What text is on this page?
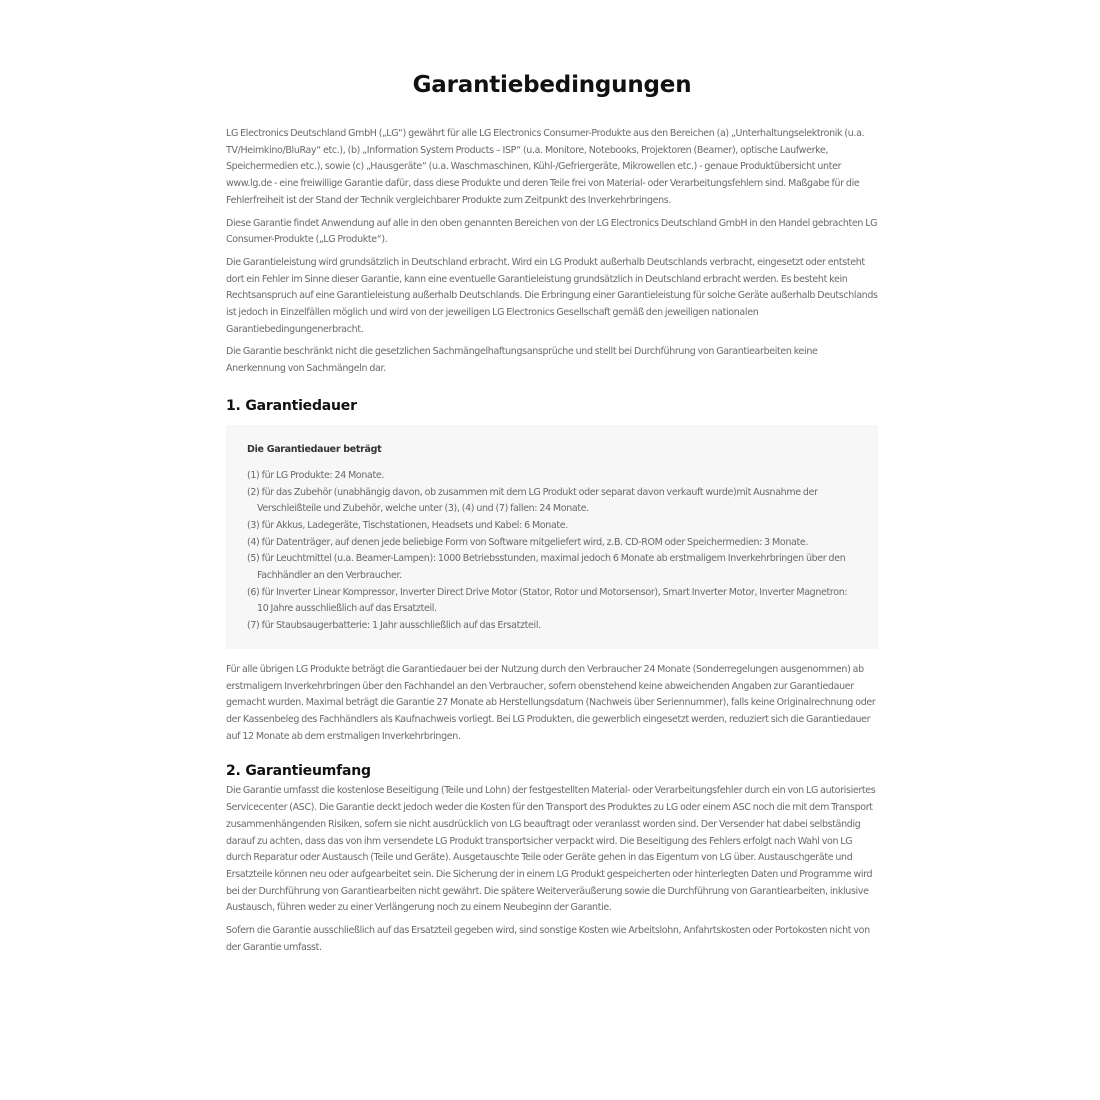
Garantiebedingungen

LG Electronics Deutschland GmbH („LG“) gewährt für alle LG Electronics Consumer-Produkte aus den Bereichen (a) „Unterhaltungselektronik (u.a. TV/Heimkino/BluRay“ etc.), (b) „Information System Products – ISP“ (u.a. Monitore, Notebooks, Projektoren (Beamer), optische Laufwerke, Speichermedien etc.), sowie (c) „Hausgeräte“ (u.a. Waschmaschinen, Kühl-/Gefriergeräte, Mikrowellen etc.) - genaue Produktübersicht unter www.lg.de - eine freiwillige Garantie dafür, dass diese Produkte und deren Teile frei von Material- oder Verarbeitungsfehlern sind. Maßgabe für die Fehlerfreiheit ist der Stand der Technik vergleichbarer Produkte zum Zeitpunkt des Inverkehrbringens.

Diese Garantie findet Anwendung auf alle in den oben genannten Bereichen von der LG Electronics Deutschland GmbH in den Handel gebrachten LG Consumer-Produkte („LG Produkte“).

Die Garantieleistung wird grundsätzlich in Deutschland erbracht. Wird ein LG Produkt außerhalb Deutschlands verbracht, eingesetzt oder entsteht dort ein Fehler im Sinne dieser Garantie, kann eine eventuelle Garantieleistung grundsätzlich in Deutschland erbracht werden. Es besteht kein Rechtsanspruch auf eine Garantieleistung außerhalb Deutschlands. Die Erbringung einer Garantieleistung für solche Geräte außerhalb Deutschlands ist jedoch in Einzelfällen möglich und wird von der jeweiligen LG Electronics Gesellschaft gemäß den jeweiligen nationalen Garantiebedingungenerbracht.

Die Garantie beschränkt nicht die gesetzlichen Sachmängelhaftungsansprüche und stellt bei Durchführung von Garantiearbeiten keine Anerkennung von Sachmängeln dar.

1. Garantiedauer
Die Garantiedauer beträgt
(1) für LG Produkte: 24 Monate.
(2) für das Zubehör (unabhängig davon, ob zusammen mit dem LG Produkt oder separat davon verkauft wurde)mit Ausnahme der Verschleißteile und Zubehör, welche unter (3), (4) und (7) fallen: 24 Monate.
(3) für Akkus, Ladegeräte, Tischstationen, Headsets und Kabel: 6 Monate.
(4) für Datenträger, auf denen jede beliebige Form von Software mitgeliefert wird, z.B. CD-ROM oder Speichermedien: 3 Monate.
(5) für Leuchtmittel (u.a. Beamer-Lampen): 1000 Betriebsstunden, maximal jedoch 6 Monate ab erstmaligem Inverkehrbringen über den Fachhändler an den Verbraucher.
(6) für Inverter Linear Kompressor, Inverter Direct Drive Motor (Stator, Rotor und Motorsensor), Smart Inverter Motor, Inverter Magnetron: 10 Jahre ausschließlich auf das Ersatzteil.
(7) für Staubsaugerbatterie: 1 Jahr ausschließlich auf das Ersatzteil.

Für alle übrigen LG Produkte beträgt die Garantiedauer bei der Nutzung durch den Verbraucher 24 Monate (Sonderregelungen ausgenommen) ab erstmaligem Inverkehrbringen über den Fachhandel an den Verbraucher, sofern obenstehend keine abweichenden Angaben zur Garantiedauer gemacht wurden. Maximal beträgt die Garantie 27 Monate ab Herstellungsdatum (Nachweis über Seriennummer), falls keine Originalrechnung oder der Kassenbeleg des Fachhändlers als Kaufnachweis vorliegt. Bei LG Produkten, die gewerblich eingesetzt werden, reduziert sich die Garantiedauer auf 12 Monate ab dem erstmaligen Inverkehrbringen.

2. Garantieumfang

Die Garantie umfasst die kostenlose Beseitigung (Teile und Lohn) der festgestellten Material- oder Verarbeitungsfehler durch ein von LG autorisiertes Servicecenter (ASC). Die Garantie deckt jedoch weder die Kosten für den Transport des Produktes zu LG oder einem ASC noch die mit dem Transport zusammenhängenden Risiken, sofern sie nicht ausdrücklich von LG beauftragt oder veranlasst worden sind. Der Versender hat dabei selbständig darauf zu achten, dass das von ihm versendete LG Produkt transportsicher verpackt wird. Die Beseitigung des Fehlers erfolgt nach Wahl von LG durch Reparatur oder Austausch (Teile und Geräte). Ausgetauschte Teile oder Geräte gehen in das Eigentum von LG über. Austauschgeräte und Ersatzteile können neu oder aufgearbeitet sein. Die Sicherung der in einem LG Produkt gespeicherten oder hinterlegten Daten und Programme wird bei der Durchführung von Garantiearbeiten nicht gewährt. Die spätere Weiterveräußerung sowie die Durchführung von Garantiearbeiten, inklusive Austausch, führen weder zu einer Verlängerung noch zu einem Neubeginn der Garantie.

Sofern die Garantie ausschließlich auf das Ersatzteil gegeben wird, sind sonstige Kosten wie Arbeitslohn, Anfahrtskosten oder Portokosten nicht von der Garantie umfasst.
